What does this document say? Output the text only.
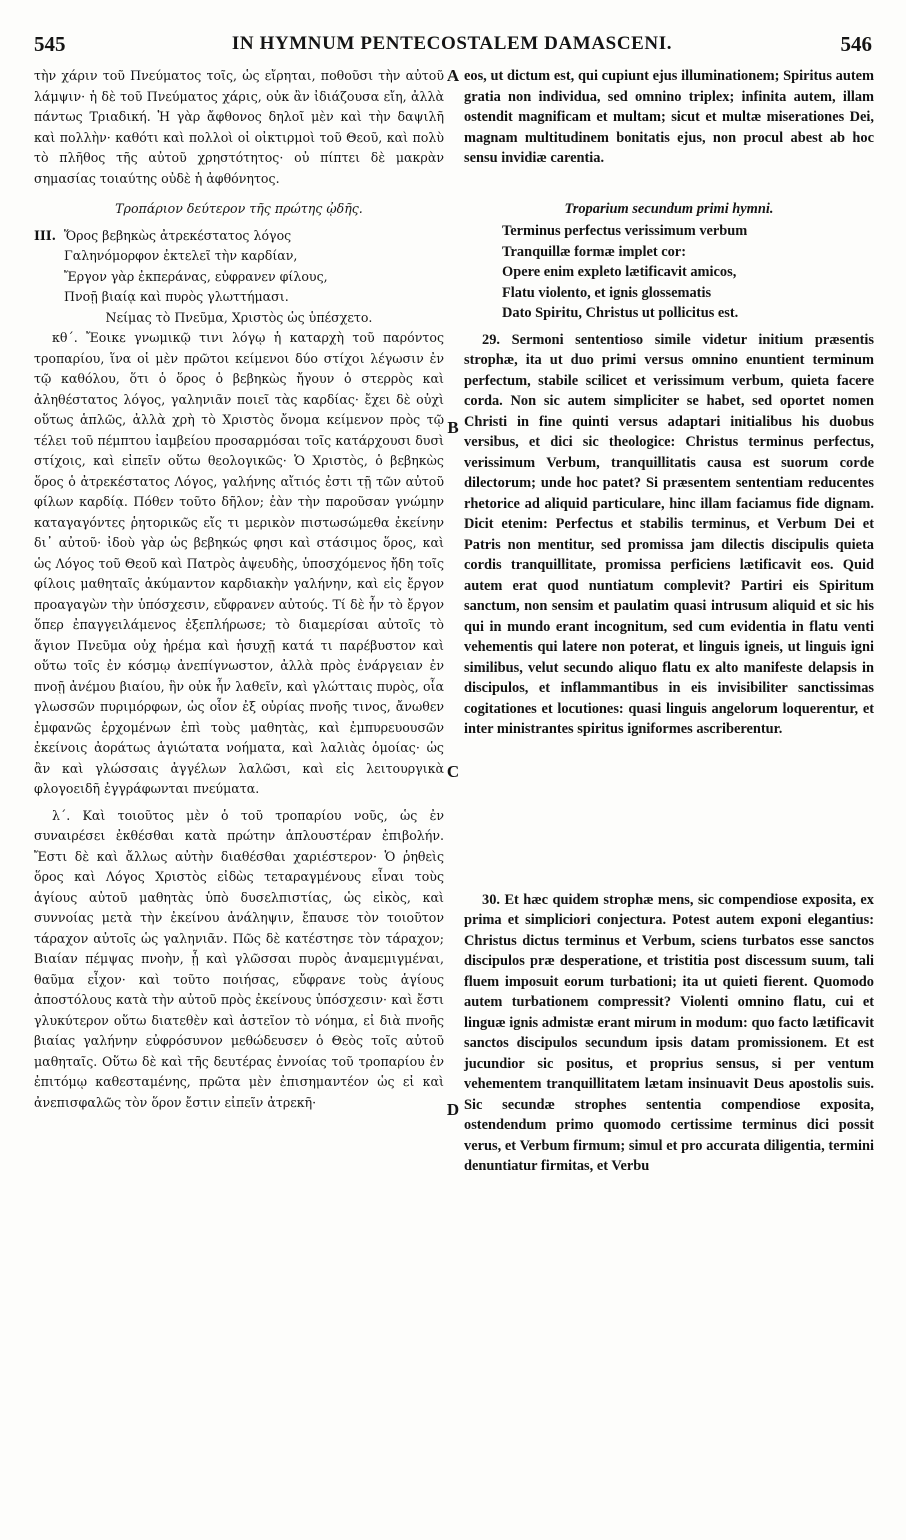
545	IN HYMNUM PENTECOSTALEM DAMASCENI.	546

τὴν χάριν τοῦ Πνεύματος τοῖς, ὡς εἴρηται, ποθοῦσι τὴν αὐτοῦ λάμψιν· ἡ δὲ τοῦ Πνεύματος χάρις, οὐκ ἂν ἰδιάζουσα εἴη, ἀλλὰ πάντως Τριαδική. Ἡ γὰρ ἄφθονος δηλοῖ μὲν καὶ τὴν δαψιλῆ καὶ πολλὴν· καθότι καὶ πολλοὶ οἱ οἰκτιρμοὶ τοῦ Θεοῦ, καὶ πολὺ τὸ πλῆθος τῆς αὐτοῦ χρηστότητος· οὐ πίπτει δὲ μακρὰν σημασίας τοιαύτης οὐδὲ ἡ ἀφθόνητος.

Τροπάριον δεύτερον τῆς πρώτης ᾠδῆς.

III. Ὅρος βεβηκὼς ἀτρεκέστατος λόγος
Γαληνόμορφον ἐκτελεῖ τὴν καρδίαν,
Ἔργον γὰρ ἐκπεράνας, εὐφρανεν φίλους,
Πνοῇ βιαίᾳ καὶ πυρὸς γλωττήμασι.

Νείμας τὸ Πνεῦμα, Χριστὸς ὡς ὑπέσχετο.

κθ΄. Ἔοικε γνωμικῷ τινι λόγῳ ἡ καταρχὴ τοῦ παρόντος τροπαρίου, ἵνα οἱ μὲν πρῶτοι κείμενοι δύο στίχοι λέγωσιν ἐν τῷ καθόλου, ὅτι ὁ ὅρος ὁ βεβηκὼς ἤγουν ὁ στερρὸς καὶ ἀληθέστατος λόγος, γαληνιᾶν ποιεῖ τὰς καρδίας· ἔχει δὲ οὐχὶ οὕτως ἁπλῶς, ἀλλὰ χρὴ τὸ Χριστὸς ὄνομα κείμενον πρὸς τῷ τέλει τοῦ πέμπτου ἰαμβείου προσαρμόσαι τοῖς κατάρχουσι δυσὶ στίχοις, καὶ εἰπεῖν οὕτω θεολογικῶς· Ὁ Χριστὸς, ὁ βεβηκὼς ὅρος ὁ ἀτρεκέστατος Λόγος, γαλήνης αἴτιός ἐστι τῇ τῶν αὐτοῦ φίλων καρδίᾳ. Πόθεν τοῦτο δῆλον; ἐὰν τὴν παροῦσαν γνώμην καταγαγόντες ῥητορικῶς εἴς τι μερικὸν πιστωσώμεθα ἐκείνην δι᾽ αὐτοῦ· ἰδοὺ γὰρ ὡς βεβηκώς φησι καὶ στάσιμος ὅρος, καὶ ὡς Λόγος τοῦ Θεοῦ καὶ Πατρὸς ἀψευδὴς, ὑποσχόμενος ἤδη τοῖς φίλοις μαθηταῖς ἀκύμαντον καρδιακὴν γαλήνην, καὶ εἰς ἔργον προαγαγὼν τὴν ὑπόσχεσιν, εὔφρανεν αὐτούς. Τί δὲ ἦν τὸ ἔργον ὅπερ ἐπαγγειλάμενος ἐξεπλήρωσε; τὸ διαμερίσαι αὐτοῖς τὸ ἅγιον Πνεῦμα οὐχ ἠρέμα καὶ ἡσυχῇ κατά τι παρέβυστον καὶ οὕτω τοῖς ἐν κόσμῳ ἀνεπίγνωστον, ἀλλὰ πρὸς ἐνάργειαν ἐν πνοῇ ἀνέμου βιαίου, ἣν οὐκ ἦν λαθεῖν, καὶ γλώτταις πυρὸς, οἷα γλωσσῶν πυριμόρφων, ὡς οἷον ἐξ οὐρίας πνοῆς τινος, ἄνωθεν ἐμφανῶς ἐρχομένων ἐπὶ τοὺς μαθητὰς, καὶ ἐμπυρευουσῶν ἐκείνοις ἀοράτως ἁγιώτατα νοήματα, καὶ λαλιὰς ὁμοίας· ὡς ἂν καὶ γλώσσαις ἀγγέλων λαλῶσι, καὶ εἰς λειτουργικὰ φλογοειδῆ ἐγγράφωνται πνεύματα.

λ΄. Καὶ τοιοῦτος μὲν ὁ τοῦ τροπαρίου νοῦς, ὡς ἐν συναιρέσει ἐκθέσθαι κατὰ πρώτην ἁπλουστέραν ἐπιβολήν. Ἔστι δὲ καὶ ἄλλως αὐτὴν διαθέσθαι χαριέστερον· Ὁ ῥηθεὶς ὅρος καὶ Λόγος Χριστὸς εἰδὼς τεταραγμένους εἶναι τοὺς ἁγίους αὐτοῦ μαθητὰς ὑπὸ δυσελπιστίας, ὡς εἰκὸς, καὶ συννοίας μετὰ τὴν ἐκείνου ἀνάληψιν, ἔπαυσε τὸν τοιοῦτον τάραχον αὐτοῖς ὡς γαληνιᾶν. Πῶς δὲ κατέστησε τὸν τάραχον; Βιαίαν πέμψας πνοὴν, ᾗ καὶ γλῶσσαι πυρὸς ἀναμεμιγμέναι, θαῦμα εἶχον· καὶ τοῦτο ποιήσας, εὔφρανε τοὺς ἁγίους ἀποστόλους κατὰ τὴν αὐτοῦ πρὸς ἐκείνους ὑπόσχεσιν· καὶ ἔστι γλυκύτερον οὕτω διατεθὲν καὶ ἀστεῖον τὸ νόημα, εἰ διὰ πνοῆς βιαίας γαλήνην εὐφρόσυνον μεθώδευσεν ὁ Θεὸς τοῖς αὐτοῦ μαθηταῖς. Οὕτω δὲ καὶ τῆς δευτέρας ἐννοίας τοῦ τροπαρίου ἐν ἐπιτόμῳ καθεσταμένης, πρῶτα μὲν ἐπισημαντέον ὡς εἰ καὶ ἀνεπισφαλῶς τὸν ὅρον ἔστιν εἰπεῖν ἀτρεκῆ·

eos, ut dictum est, qui cupiunt ejus illuminationem; Spiritus autem gratia non individua, sed omnino triplex; infinita autem, illam ostendit magnificam et multam; sicut et multæ miserationes Dei, magnam multitudinem bonitatis ejus, non procul abest ab hoc sensu invidiæ carentia.

Troparium secundum primi hymni.

Terminus perfectus verissimum verbum
Tranquillæ formæ implet cor:
Opere enim expleto lætificavit amicos,
Flatu violento, et ignis glossematis
Dato Spiritu, Christus ut pollicitus est.

29. Sermoni sententioso simile videtur initium præsentis strophæ, ita ut duo primi versus omnino enuntient terminum perfectum, stabile scilicet et verissimum verbum, quieta facere corda. Non sic autem simpliciter se habet, sed oportet nomen Christi in fine quinti versus adaptari initialibus his duobus versibus, et dici sic theologice: Christus terminus perfectus, verissimum Verbum, tranquillitatis causa est suorum corde dilectorum; unde hoc patet? Si præsentem sententiam reducentes rhetorice ad aliquid particulare, hinc illam faciamus fide dignam. Dicit etenim: Perfectus et stabilis terminus, et Verbum Dei et Patris non mentitur, sed promissa jam dilectis discipulis quieta cordis tranquillitate, promissa perficiens lætificavit eos. Quid autem erat quod nuntiatum complevit? Partiri eis Spiritum sanctum, non sensim et paulatim quasi intrusum aliquid et sic his qui in mundo erant incognitum, sed cum evidentia in flatu venti vehementis qui latere non poterat, et linguis igneis, ut linguis igni similibus, velut secundo aliquo flatu ex alto manifeste delapsis in discipulos, et inflammantibus in eis invisibiliter sanctissimas cogitationes et locutiones: quasi linguis angelorum loquerentur, et inter ministrantes spiritus igniformes ascriberentur.

30. Et hæc quidem strophæ mens, sic compendiose exposita, ex prima et simpliciori conjectura. Potest autem exponi elegantius: Christus dictus terminus et Verbum, sciens turbatos esse sanctos discipulos præ desperatione, et tristitia post discessum suum, tali fluem imposuit eorum turbationi; ita ut quieti fierent. Quomodo autem turbationem compressit? Violenti omnino flatu, cui et linguæ ignis admistæ erant mirum in modum: quo facto lætificavit sanctos discipulos secundum ipsis datam promissionem. Et est jucundior sic positus, et proprius sensus, si per ventum vehementem tranquillitatem lætam insinuavit Deus apostolis suis. Sic secundæ strophes sententia compendiose exposita, ostendendum primo quomodo certissime terminus dici possit verus, et Verbum firmum; simul et pro accurata diligentia, termini denuntiatur firmitas, et Verbu

A
B
C
D
